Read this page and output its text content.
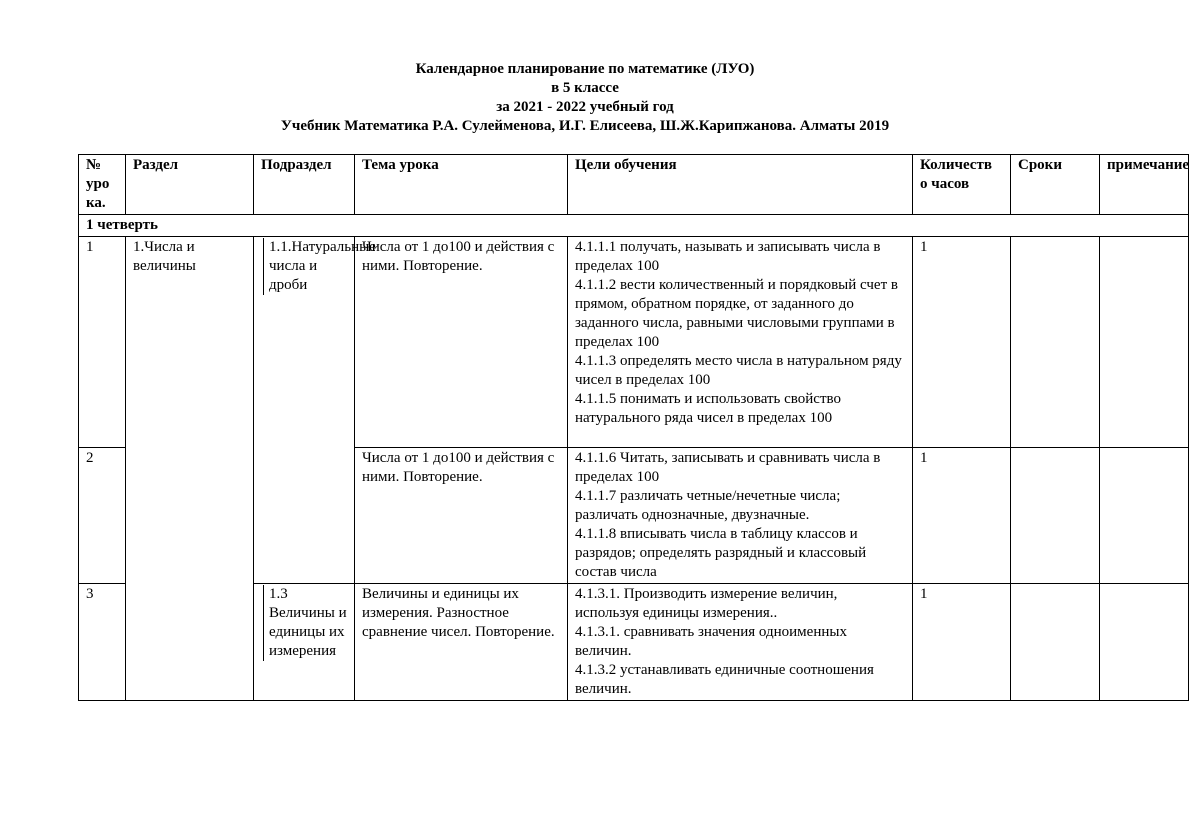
Календарное планирование по математике (ЛУО)
в 5 классе
за 2021 - 2022 учебный год
Учебник Математика Р.А. Сулейменова, И.Г. Елисеева, Ш.Ж.Карипжанова. Алматы 2019
№ уро ка.	Раздел	Подраздел	Тема урока	Цели обучения	Количеств о часов	Сроки	примечание
1 четверть							
1	1.Числа и величины	1.1.Натуральные числа и дроби	Числа от 1 до100 и действия с ними. Повторение.	4.1.1.1 получать, называть и записывать числа в пределах 100
4.1.1.2 вести количественный и порядковый счет в прямом, обратном порядке, от заданного до заданного числа, равными числовыми группами в пределах 100
4.1.1.3 определять место числа в натуральном ряду чисел в пределах 100
4.1.1.5 понимать и использовать свойство натурального ряда чисел в пределах 100	1		
2			Числа от 1 до100 и действия с ними. Повторение.	4.1.1.6 Читать, записывать и сравнивать числа в пределах 100
4.1.1.7 различать четные/нечетные числа; различать однозначные, двузначные.
4.1.1.8 вписывать числа в таблицу классов и разрядов; определять разрядный и классовый состав числа	1		
3		1.3 Величины и единицы их измерения	Величины и единицы их измерения. Разностное сравнение чисел. Повторение.	4.1.3.1. Производить измерение величин, используя единицы измерения..
4.1.3.1. сравнивать значения одноименных величин.
4.1.3.2 устанавливать единичные соотношения величин.	1		
